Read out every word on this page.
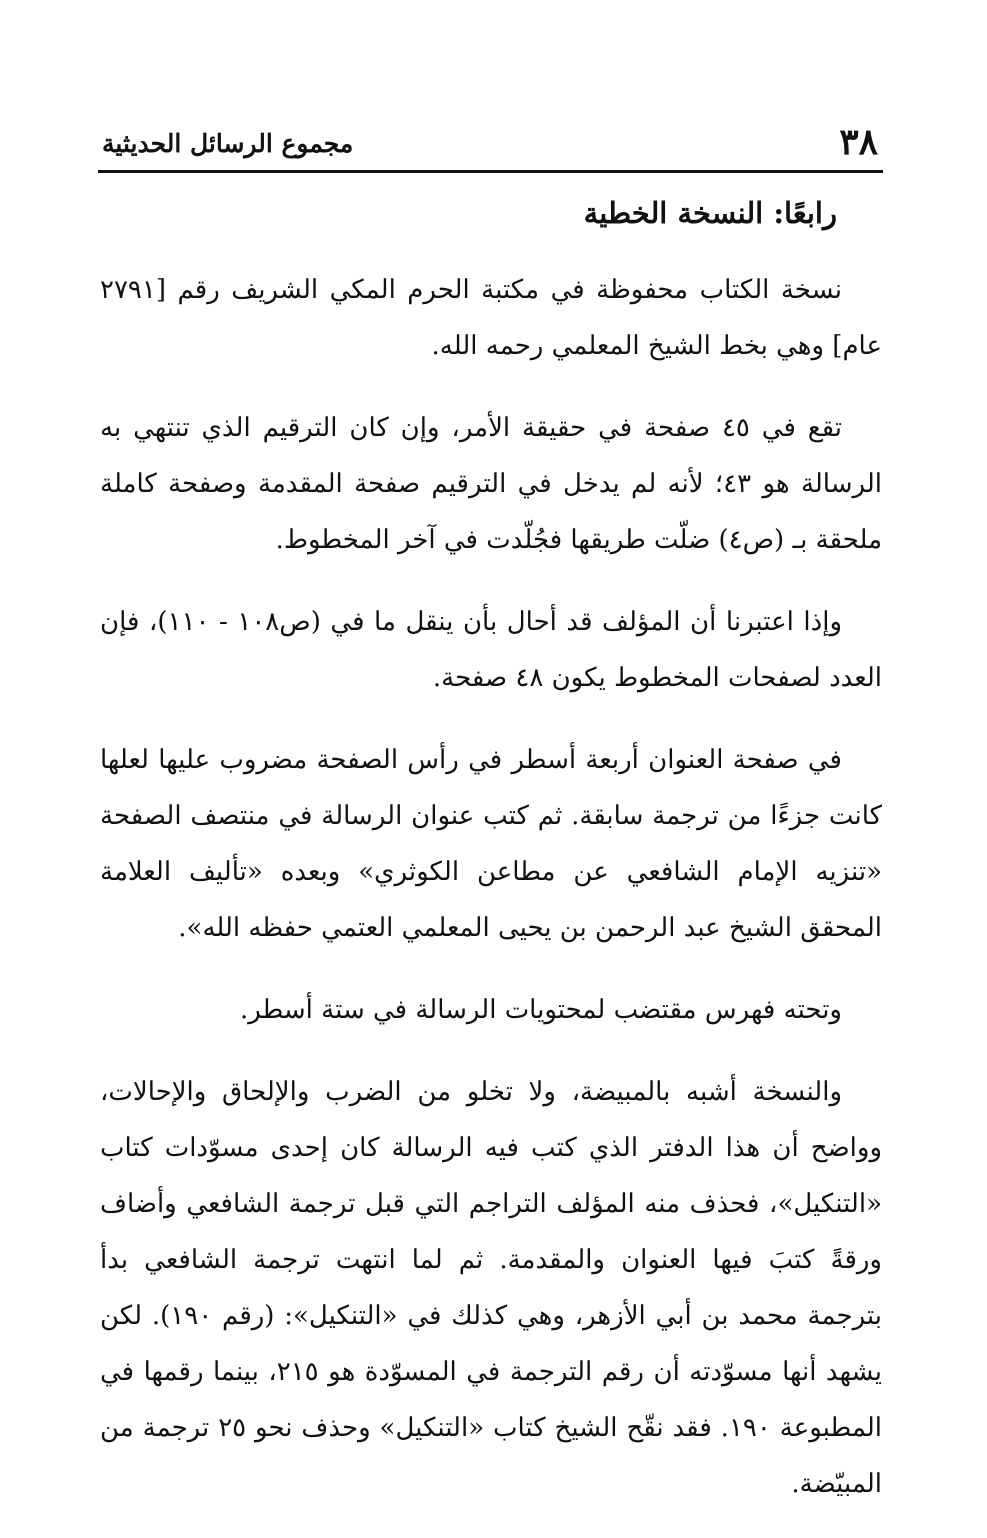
٣٨
مجموع الرسائل الحديثية
رابعًا: النسخة الخطية

نسخة الكتاب محفوظة في مكتبة الحرم المكي الشريف رقم [٢٧٩١ عام] وهي بخط الشيخ المعلمي رحمه الله.

تقع في ٤٥ صفحة في حقيقة الأمر، وإن كان الترقيم الذي تنتهي به الرسالة هو ٤٣؛ لأنه لم يدخل في الترقيم صفحة المقدمة وصفحة كاملة ملحقة بـ (ص٤) ضلّت طريقها فجُلّدت في آخر المخطوط.

وإذا اعتبرنا أن المؤلف قد أحال بأن ينقل ما في (ص١٠٨ - ١١٠)، فإن العدد لصفحات المخطوط يكون ٤٨ صفحة.

في صفحة العنوان أربعة أسطر في رأس الصفحة مضروب عليها لعلها كانت جزءًا من ترجمة سابقة. ثم كتب عنوان الرسالة في منتصف الصفحة «تنزيه الإمام الشافعي عن مطاعن الكوثري» وبعده «تأليف العلامة المحقق الشيخ عبد الرحمن بن يحيى المعلمي العتمي حفظه الله».

وتحته فهرس مقتضب لمحتويات الرسالة في ستة أسطر.

والنسخة أشبه بالمبيضة، ولا تخلو من الضرب والإلحاق والإحالات، وواضح أن هذا الدفتر الذي كتب فيه الرسالة كان إحدى مسوّدات كتاب «التنكيل»، فحذف منه المؤلف التراجم التي قبل ترجمة الشافعي وأضاف ورقةً كتبَ فيها العنوان والمقدمة. ثم لما انتهت ترجمة الشافعي بدأ بترجمة محمد بن أبي الأزهر، وهي كذلك في «التنكيل»: (رقم ١٩٠). لكن يشهد أنها مسوّدته أن رقم الترجمة في المسوّدة هو ٢١٥، بينما رقمها في المطبوعة ١٩٠. فقد نقّح الشيخ كتاب «التنكيل» وحذف نحو ٢٥ ترجمة من المبيّضة.
